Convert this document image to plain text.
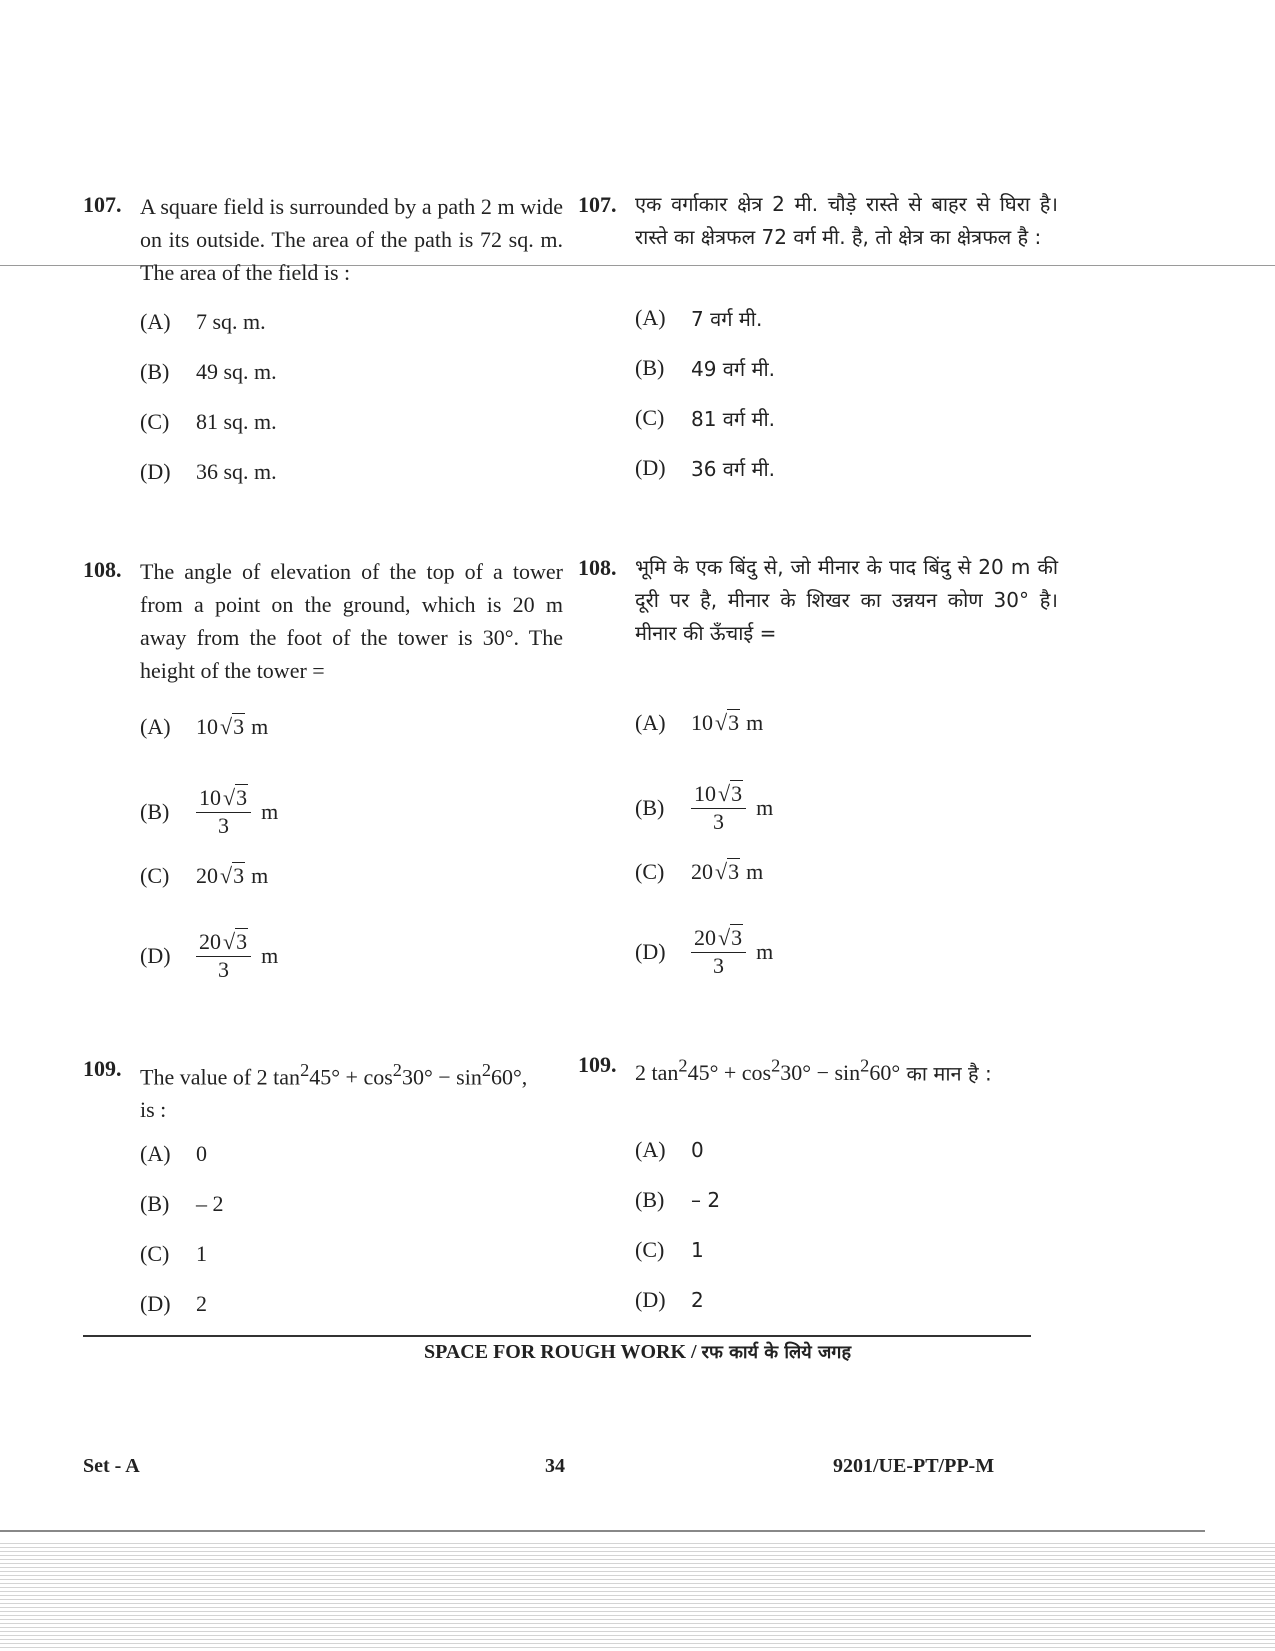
107. A square field is surrounded by a path 2 m wide on its outside. The area of the path is 72 sq. m. The area of the field is :
(A)	7 sq. m.
(B)	49 sq. m.
(C)	81 sq. m.
(D)	36 sq. m.
108. The angle of elevation of the top of a tower from a point on the ground, which is 20 m away from the foot of the tower is 30°. The height of the tower =
(A)	10 √3 m
(B)	$\frac{10√3}{3}$ m
(C)	20 √3 m
(D)	$\frac{20√3}{3}$ m
109. The value of 2 $\tan^245^\circ + \cos^230^\circ - \sin^260^\circ$,
is :
(A)	0
(B)	– 2
(C)	1
(D)	2
107. एक वर्गाकार क्षेत्र 2 मी. चौड़े रास्ते से बाहर से घिरा है। रास्ते का क्षेत्रफल 72 वर्ग मी. है, तो क्षेत्र का क्षेत्रफल है :
(A)	7 वर्ग मी.
(B)	49 वर्ग मी.
(C)	81 वर्ग मी.
(D)	36 वर्ग मी.
108. भूमि के एक बिंदु से, जो मीनार के पाद बिंदु से 20 m की दूरी पर है, मीनार के शिखर का उन्नयन कोण 30° है। मीनार की ऊँचाई =
(A)	10 √3 m
(B)	$\frac{10√3}{3}$ m
(C)	20 √3 m
(D)	$\frac{20√3}{3}$ m
109. 2 $\tan^245^\circ + \cos^230^\circ - \sin^260^\circ$ का मान है :
(A)	0
(B)	– 2
(C)	1
(D)	2
SPACE FOR ROUGH WORK / रफ कार्य के लिये जगह
Set - A	34	9201/UE-PT/PP-M
